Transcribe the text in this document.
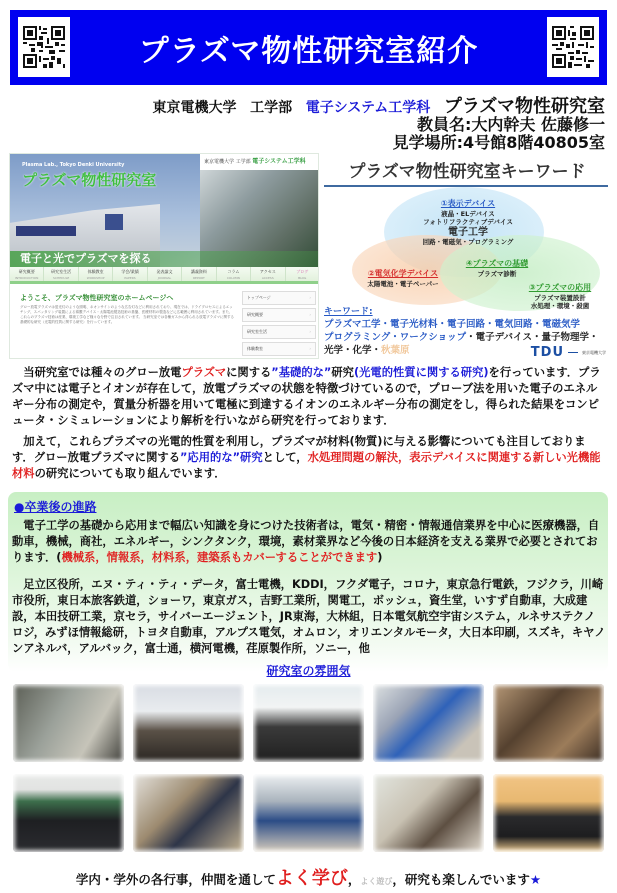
プラズマ物性研究室紹介
東京電機大学 工学部 電子システム工学科 プラズマ物性研究室
教員名:大内幹夫 佐藤修一
見学場所:4号館8階40805室
東京電機大学 工学部 電子システム工学科
Plasma Lab., Tokyo Denki University
プラズマ物性研究室
電子と光でプラズマを探る
研究概要
INTRODUCTION
研究室生活
SCHEDULE
体験教室
WORKSHOP
学会/業績
PAPERS
発表論文
JOURNAL
講義資料
REPORT
コラム
COLUMN
アクセス
ACCESS
ブログ
BLOG
ようこそ、プラズマ物性研究室のホームページへ
グロー放電プラズマは蛍光灯のような照明、ネオンサインのような広告灯などに利用されており、現在では、ドライプロセスによるエッチング、スパッタリング装置による薄膜デバイス・太陽電池製造技術の基盤、医療材料の製造などに広範囲に利用されています。また、これらのプラズマ技術は産業、環境工学など様々な分野で注目されています。 当研究室では各種ガスから得られる放電プラズマに関する基礎的な研究（光電的性質に関する研究）を行っています。
トップページ ›
研究概要 ›
研究室生活 ›
体験教室 ›
プラズマ物性研究室キーワード
①表示デバイス
液晶・ELデバイス
フォトリフラクティブデバイス
電子工学
回路・電磁気・プログラミング
②電気化学デバイス
太陽電池・電子ペーパー
④プラズマの基礎
プラズマ診断
③プラズマの応用
プラズマ装置設計
水処理・環境・殺菌
キーワード:
プラズマ工学・電子光材料・電子回路・電気回路・電磁気学
プログラミング・ワークショップ・電子デバイス・量子物理学・
光学・化学・秋葉原	TDU	東京電機大学
当研究室では種々のグロー放電プラズマに関する”基礎的な”研究(光電的性質に関する研究)を行っています．プラズマ中には電子とイオンが存在して，放電プラズマの状態を特徴づけているので，プローブ法を用いた電子のエネルギー分布の測定や，質量分析器を用いて電極に到達するイオンのエネルギー分布の測定をし，得られた結果をコンピュータ・シミュレーションにより解析を行いながら研究を行っております．
加えて，これらプラズマの光電的性質を利用し，プラズマが材料(物質)に与える影響についても注目しております．グロー放電プラズマに関する”応用的な”研究として，水処理問題の解決，表示デバイスに関連する新しい光機能材料の研究についても取り組んでいます．
●卒業後の進路
電子工学の基礎から応用まで幅広い知識を身につけた技術者は，電気・精密・情報通信業界を中心に医療機器，自動車，機械，商社，エネルギー，シンクタンク，環境，素材業界など今後の日本経済を支える業界で必要とされております．(機械系，情報系，材料系，建築系もカバーすることができます)
足立区役所，エヌ・ティ・ティ・データ，富士電機，KDDI，フクダ電子，コロナ，東京急行電鉄，フジクラ，川崎市役所，東日本旅客鉄道，ショーワ，東京ガス，吉野工業所，関電工，ボッシュ，資生堂，いすず自動車，大成建設，本田技研工業，京セラ，サイバーエージェント，JR東海，大林組，日本電気航空宇宙システム，ルネサステクノロジ，みずほ情報総研，トヨタ自動車，アルプス電気，オムロン，オリエンタルモータ，大日本印刷，スズキ，キヤノンアネルバ，アルバック，富士通，横河電機，荏原製作所，ソニー，他
研究室の雰囲気
学内・学外の各行事，仲間を通してよく学び，よく遊び，研究も楽しんでいます★
